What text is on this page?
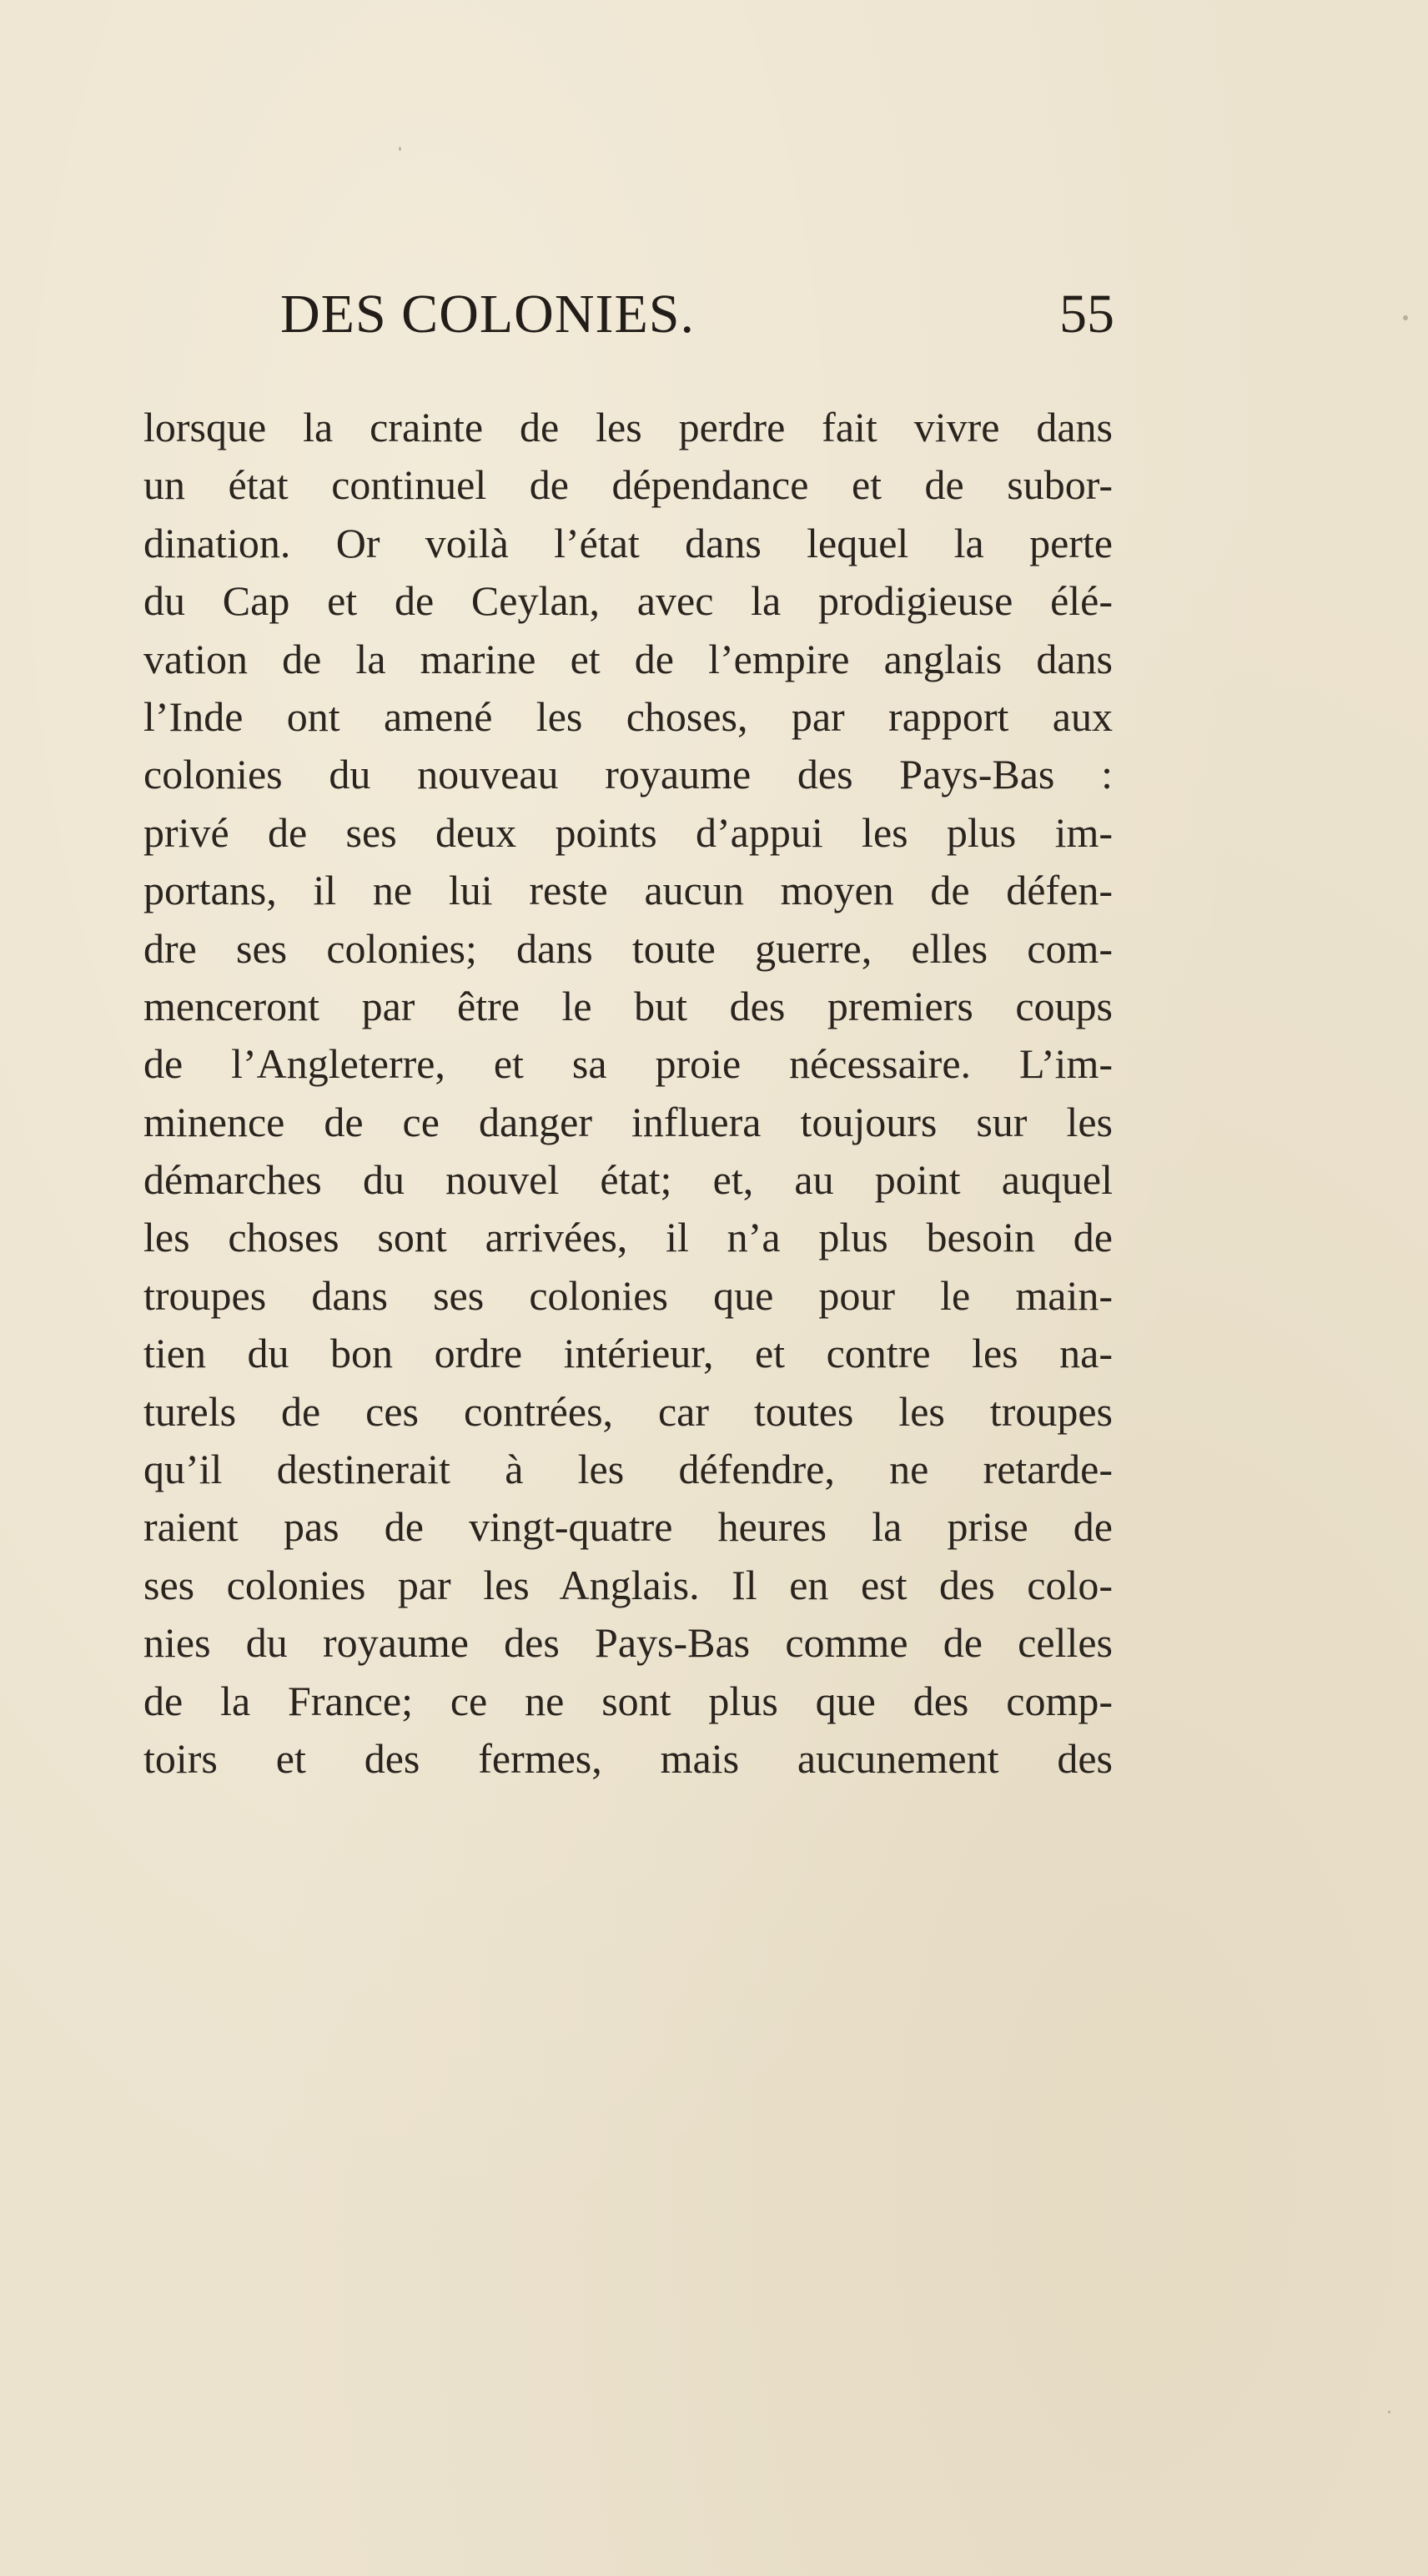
DES COLONIES.	55
lorsque la crainte de les perdre fait vivre dans
un état continuel de dépendance et de subor-
dination. Or voilà l’état dans lequel la perte
du Cap et de Ceylan, avec la prodigieuse élé-
vation de la marine et de l’empire anglais dans
l’Inde ont amené les choses, par rapport aux
colonies du nouveau royaume des Pays-Bas :
privé de ses deux points d’appui les plus im-
portans, il ne lui reste aucun moyen de défen-
dre ses colonies; dans toute guerre, elles com-
menceront par être le but des premiers coups
de l’Angleterre, et sa proie nécessaire. L’im-
minence de ce danger influera toujours sur les
démarches du nouvel état; et, au point auquel
les choses sont arrivées, il n’a plus besoin de
troupes dans ses colonies que pour le main-
tien du bon ordre intérieur, et contre les na-
turels de ces contrées, car toutes les troupes
qu’il destinerait à les défendre, ne retarde-
raient pas de vingt-quatre heures la prise de
ses colonies par les Anglais. Il en est des colo-
nies du royaume des Pays-Bas comme de celles
de la France; ce ne sont plus que des comp-
toirs et des fermes, mais aucunement des
